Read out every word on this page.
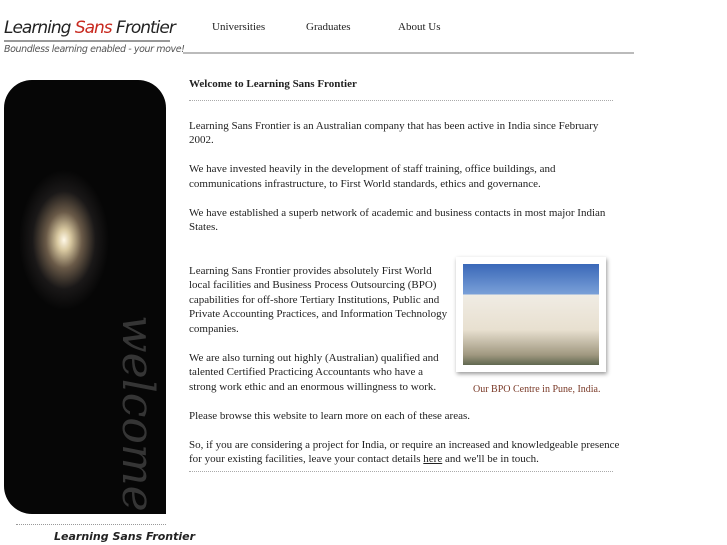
Learning Sans Frontier
Boundless learning enabled - your move!
Universities	Graduates	About Us
welcome
Learning Sans Frontier
Welcome to Learning Sans Frontier

Learning Sans Frontier is an Australian company that has been active in India since February 2002.

We have invested heavily in the development of staff training, office buildings, and communications infrastructure, to First World standards, ethics and governance.

We have established a superb network of academic and business contacts in most major Indian States.

Learning Sans Frontier provides absolutely First World local facilities and Business Process Outsourcing (BPO) capabilities for off-shore Tertiary Institutions, Public and Private Accounting Practices, and Information Technology companies.

We are also turning out highly (Australian) qualified and talented Certified Practicing Accountants who have a strong work ethic and an enormous willingness to work.

Please browse this website to learn more on each of these areas.

So, if you are considering a project for India, or require an increased and knowledgeable presence for your existing facilities, leave your contact details here and we'll be in touch.

Our BPO Centre in Pune, India.
